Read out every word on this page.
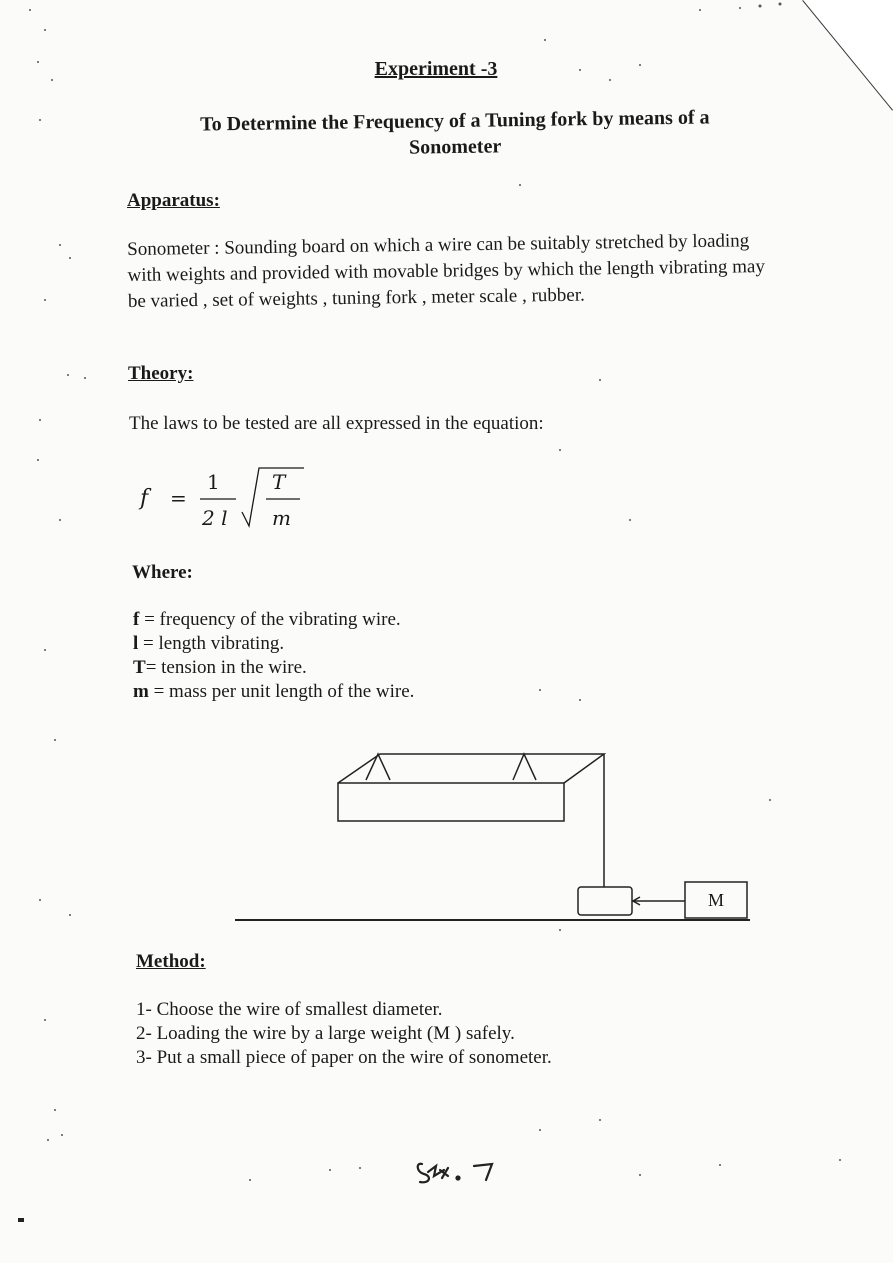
Experiment -3
To Determine the Frequency of a Tuning fork by means of a
Sonometer
Apparatus:
Sonometer : Sounding board on which a wire can be suitably stretched by loading with weights and provided with movable bridges by which the length vibrating may be varied , set of weights , tuning fork , meter scale , rubber.
Theory:
The laws to be tested are all expressed in the equation:
f =
1
2 l
T
m
Where:
f = frequency of the vibrating wire.
l = length vibrating.
T= tension in the wire.
m = mass per unit length of the wire.
M
Method:
1- Choose the wire of smallest diameter.
2- Loading the wire by a large weight (M ) safely.
3- Put a small piece of paper on the wire of sonometer.
